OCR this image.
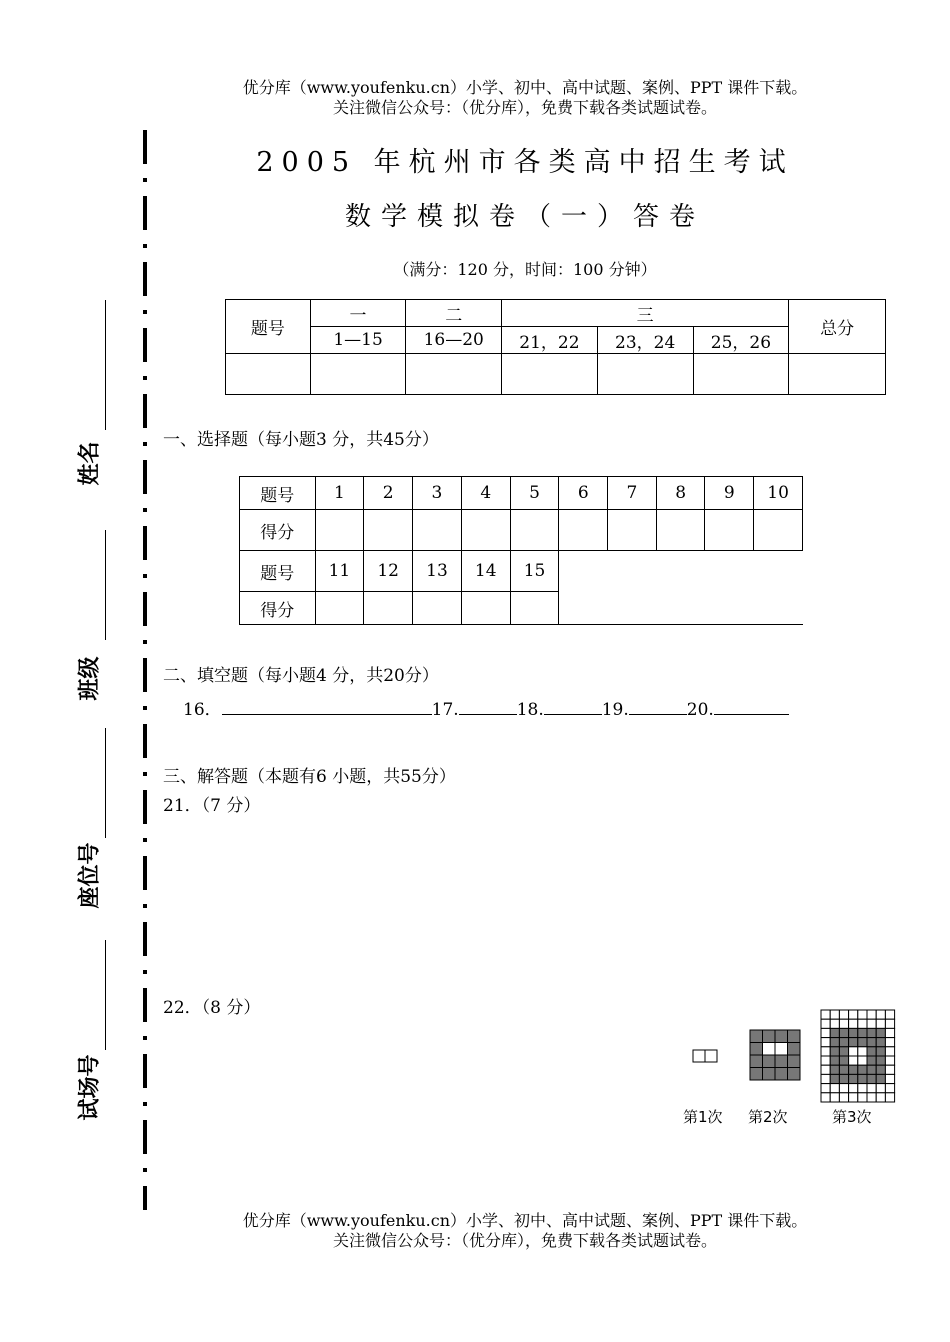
优分库（www.youfenku.cn）小学、初中、高中试题、案例、PPT 课件下载。
关注微信公众号：（优分库），免费下载各类试题试卷。
姓名
班级
座位号
试场号
2005 年杭州市各类高中招生考试
数学模拟卷（一）答卷
（满分：120 分，时间：100 分钟）
题号	一	二	三			总分
	1—15	16—20	21，22	23，24	25，26	

一、选择题（每小题3 分，共45分）
题号	1	2	3	4	5	6	7	8	9	10
得分										
题号	11	12	13	14	15					
得分										
二、填空题（每小题4 分，共20分）
16．	17.	18.	19.	20.
三、解答题（本题有6 小题，共55分）
21．（7 分）
22．（8 分）
第1次 第2次	第3次
优分库（www.youfenku.cn）小学、初中、高中试题、案例、PPT 课件下载。
关注微信公众号：（优分库），免费下载各类试题试卷。
